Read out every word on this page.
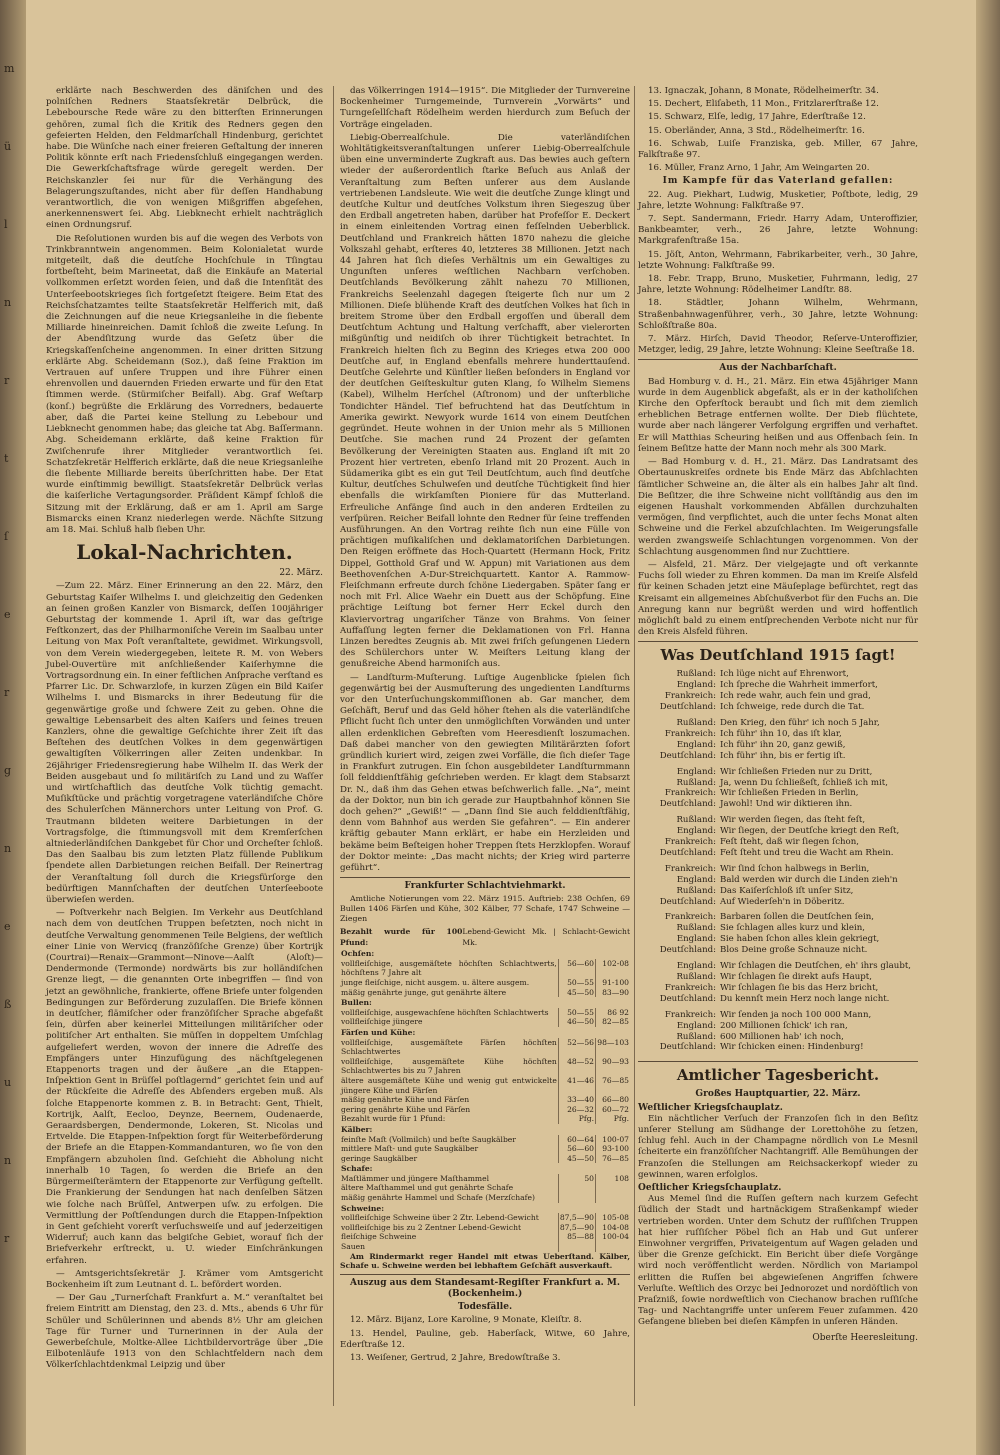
m
ü
l
n
r
t
ſ
e
r
g
n
e
ß
u
n
r

erklärte nach Beschwerden des däniſchen und des polniſchen Redners Staatsſekretär Delbrück, die Lebeboursche Rede wäre zu den bitterſten Erinnerungen gehören, zumal ſich die Kritik des Redners gegen den gefeierten Helden, den Feldmarſchall Hindenburg, gerichtet habe. Die Wünſche nach einer freieren Geſtaltung der inneren Politik könnte erſt nach Friedensſchluß eingegangen werden. Die Gewerkſchaftsfrage würde geregelt werden. Der Reichskanzler ſei nur für die Verhängung des Belagerungszuſtandes, nicht aber für deſſen Handhabung verantwortlich, die von wenigen Mißgriffen abgeſehen, anerkennenswert ſei. Abg. Liebknecht erhielt nachträglich einen Ordnungsruf.

Die Reſolutionen wurden bis auf die wegen des Verbots von Trinkbranntwein angenommen. Beim Kolonialetat wurde mitgeteilt, daß die deutſche Hochſchule in Tſingtau fortbeſteht, beim Marineetat, daß die Einkäufe an Material vollkommen erſetzt worden ſeien, und daß die Intenſität des Unterſeebootskrieges ſich fortgeſetzt ſteigere. Beim Etat des Reichsſchatzamtes teilte Staatsſekretär Helfferich mit, daß die Zeichnungen auf die neue Kriegsanleihe in die ſiebente Milliarde hineinreichen. Damit ſchloß die zweite Leſung. In der Abendſitzung wurde das Geſetz über die Kriegskaſſenſcheine angenommen. In einer dritten Sitzung erklärte Abg. Scheidemann (Soz.), daß ſeine Fraktion im Vertrauen auf unſere Truppen und ihre Führer einen ehrenvollen und dauernden Frieden erwarte und für den Etat ſtimmen werde. (Stürmiſcher Beifall). Abg. Graf Weſtarp (konſ.) begrüßte die Erklärung des Vorredners, bedauerte aber, daß die Partei keine Stellung zu Lebebour und Liebknecht genommen habe; das gleiche tat Abg. Baſſermann. Abg. Scheidemann erklärte, daß keine Fraktion für Zwiſchenrufe ihrer Mitglieder verantwortlich ſei. Schatzſekretär Helfferich erklärte, daß die neue Kriegsanleihe die ſiebente Milliarde bereits überſchritten habe. Der Etat wurde einſtimmig bewilligt. Staatsſekretär Delbrück verlas die kaiſerliche Vertagungsorder. Präſident Kämpf ſchloß die Sitzung mit der Erklärung, daß er am 1. April am Sarge Bismarcks einen Kranz niederlegen werde. Nächſte Sitzung am 18. Mai. Schluß halb ſieben Uhr.

Lokal-Nachrichten.
22. März.

—Zum 22. März. Einer Erinnerung an den 22. März, den Geburtstag Kaiſer Wilhelms I. und gleichzeitig den Gedenken an ſeinen großen Kanzler von Bismarck, deſſen 100jähriger Geburtstag der kommende 1. April iſt, war das geſtrige Feſtkonzert, das der Philharmoniſche Verein im Saalbau unter Leitung von Max Poſt veranſtaltete, gewidmet. Wirkungsvoll, von dem Verein wiedergegeben, leitete R. M. von Webers Jubel-Ouvertüre mit anſchließender Kaiſerhymne die Vortragsordnung ein. In einer feſtlichen Anſprache verſtand es Pfarrer Lic. Dr. Schwarzlofe, in kurzen Zügen ein Bild Kaiſer Wilhelms I. und Bismarcks in ihrer Bedeutung für die gegenwärtige große und ſchwere Zeit zu geben. Ohne die gewaltige Lebensarbeit des alten Kaiſers und ſeines treuen Kanzlers, ohne die gewaltige Geſchichte ihrer Zeit iſt das Beſtehen des deutſchen Volkes in dem gegenwärtigen gewaltigſten Völkerringen aller Zeiten undenkbar. In 26jähriger Friedensregierung habe Wilhelm II. das Werk der Beiden ausgebaut und ſo militäriſch zu Land und zu Waſſer und wirtſchaftlich das deutſche Volk tüchtig gemacht. Muſikſtücke und prächtig vorgetragene vaterländiſche Chöre des Schulerſchen Männerchors unter Leitung von Prof. G. Trautmann bildeten weitere Darbietungen in der Vortragsfolge, die ſtimmungsvoll mit dem Kremſerſchen altniederländiſchen Dankgebet für Chor und Orcheſter ſchloß. Das den Saalbau bis zum letzten Platz füllende Publikum ſpendete allen Darbietungen reichen Beifall. Der Reinertrag der Veranſtaltung ſoll durch die Kriegsfürſorge den bedürftigen Mannſchaften der deutſchen Unterſeeboote überwieſen werden.

— Poſtverkehr nach Belgien. Im Verkehr aus Deutſchland nach dem von deutſchen Truppen beſetzten, noch nicht in deutſche Verwaltung genommenen Teile Belgiens, der weſtlich einer Linie von Wervicq (franzöſiſche Grenze) über Kortrijk (Courtrai)—Renaix—Grammont—Ninove—Aalſt (Aloſt)—Dendermonde (Termonde) nordwärts bis zur holländiſchen Grenze liegt, — die genannten Orte inbegriffen — ſind von jetzt an gewöhnliche, frankierte, offene Briefe unter folgenden Bedingungen zur Beförderung zuzulaſſen. Die Briefe können in deutſcher, flämiſcher oder franzöſiſcher Sprache abgefaßt ſein, dürfen aber keinerlei Mitteilungen militäriſcher oder politiſcher Art enthalten. Sie müſſen in doppeltem Umſchlag aufgeliefert werden, wovon der innere die Adreſſe des Empfängers unter Hinzufügung des nächſtgelegenen Etappenorts tragen und der äußere „an die Etappen-Inſpektion Gent in Brüſſel poſtlagernd“ gerichtet ſein und auf der Rückſeite die Adreſſe des Abſenders ergeben muß. Als ſolche Etappenorte kommen z. B. in Betracht: Gent, Thielt, Kortrijk, Aalſt, Eecloo, Deynze, Beernem, Oudenaerde, Geraardsbergen, Dendermonde, Lokeren, St. Nicolas und Ertvelde. Die Etappen-Inſpektion ſorgt für Weiterbeförderung der Briefe an die Etappen-Kommandanturen, wo ſie von den Empfängern abzuholen ſind. Geſchieht die Abholung nicht innerhalb 10 Tagen, ſo werden die Briefe an den Bürgermeiſterämtern der Etappenorte zur Verfügung geſtellt. Die Frankierung der Sendungen hat nach denſelben Sätzen wie ſolche nach Brüſſel, Antwerpen uſw. zu erfolgen. Die Vermittlung der Poſtſendungen durch die Etappen-Inſpektion in Gent geſchieht vorerſt verſuchsweiſe und auf jederzeitigen Widerruf; auch kann das belgiſche Gebiet, worauf ſich der Briefverkehr erſtreckt, u. U. wieder Einſchränkungen erfahren.

— Amtsgerichtsſekretär J. Krämer vom Amtsgericht Bockenheim iſt zum Leutnant d. L. befördert worden.

— Der Gau „Turnerſchaft Frankfurt a. M.“ veranſtaltet bei freiem Eintritt am Dienstag, den 23. d. Mts., abends 6 Uhr für Schüler und Schülerinnen und abends 8½ Uhr am gleichen Tage für Turner und Turnerinnen in der Aula der Gewerbeſchule, Moltke-Allee Lichtbildervorträge über „Die Eilbotenläufe 1913 von den Schlachtfeldern nach dem Völkerſchlachtdenkmal Leipzig und über

das Völkerringen 1914—1915“. Die Mitglieder der Turnvereine Bockenheimer Turngemeinde, Turnverein „Vorwärts“ und Turngeſellſchaft Rödelheim werden hierdurch zum Beſuch der Vorträge eingeladen.

Liebig-Oberrealſchule. Die vaterländiſchen Wohltätigkeitsveranſtaltungen unſerer Liebig-Oberrealſchule üben eine unverminderte Zugkraft aus. Das bewies auch geſtern wieder der außerordentlich ſtarke Beſuch aus Anlaß der Veranſtaltung zum Beſten unſerer aus dem Auslande vertriebenen Landsleute. Wie weit die deutſche Zunge klingt und deutſche Kultur und deutſches Volkstum ihren Siegeszug über den Erdball angetreten haben, darüber hat Profeſſor E. Deckert in einem einleitenden Vortrag einen feſſelnden Ueberblick. Deutſchland und Frankreich hätten 1870 nahezu die gleiche Volkszahl gehabt, erſteres 40, letzteres 38 Millionen. Jetzt nach 44 Jahren hat ſich dieſes Verhältnis um ein Gewaltiges zu Ungunſten unſeres weſtlichen Nachbarn verſchoben. Deutſchlands Bevölkerung zählt nahezu 70 Millionen, Frankreichs Seelenzahl dagegen ſteigerte ſich nur um 2 Millionen. Dieſe blühende Kraft des deutſchen Volkes hat ſich in breitem Strome über den Erdball ergoſſen und überall dem Deutſchtum Achtung und Haltung verſchafft, aber vielerorten mißgünſtig und neidiſch ob ihrer Tüchtigkeit betrachtet. In Frankreich hielten ſich zu Beginn des Krieges etwa 200 000 Deutſche auf, in England ebenfalls mehrere hunderttauſend. Deutſche Gelehrte und Künſtler ließen beſonders in England vor der deutſchen Geiſteskultur guten Klang, ſo Wilhelm Siemens (Kabel), Wilhelm Herſchel (Aſtronom) und der unſterbliche Tondichter Händel. Tief befruchtend hat das Deutſchtum in Amerika gewirkt. Newyork wurde 1614 von einem Deutſchen gegründet. Heute wohnen in der Union mehr als 5 Millionen Deutſche. Sie machen rund 24 Prozent der geſamten Bevölkerung der Vereinigten Staaten aus. England iſt mit 20 Prozent hier vertreten, ebenſo Irland mit 20 Prozent. Auch in Südamerika gibt es ein gut Teil Deutſchtum, auch ſind deutſche Kultur, deutſches Schulweſen und deutſche Tüchtigkeit ſind hier ebenfalls die wirkſamſten Pioniere für das Mutterland. Erfreuliche Anfänge ſind auch in den anderen Erdteilen zu verſpüren. Reicher Beifall lohnte den Redner für ſeine treffenden Ausführungen. An den Vortrag reihte ſich nun eine Fülle von prächtigen muſikaliſchen und deklamatoriſchen Darbietungen. Den Reigen eröffnete das Hoch-Quartett (Hermann Hock, Fritz Dippel, Gotthold Graf und W. Appun) mit Variationen aus dem Beethovenſchen A-Dur-Streichquartett. Kantor A. Rammow-Fleiſchmann erfreute durch ſchöne Liedergaben. Später ſang er noch mit Frl. Alice Waehr ein Duett aus der Schöpfung. Eine prächtige Leiſtung bot ferner Herr Eckel durch den Klaviervortrag ungariſcher Tänze von Brahms. Von ſeiner Auffaſſung legten ferner die Deklamationen von Frl. Hanna Linzen beredtes Zeugnis ab. Mit zwei friſch geſungenen Liedern des Schülerchors unter W. Meiſters Leitung klang der genußreiche Abend harmoniſch aus.

— Landſturm-Muſterung. Luſtige Augenblicke ſpielen ſich gegenwärtig bei der Ausmuſterung des ungedienten Landſturms vor den Unterſuchungskommiſſionen ab. Gar mancher, dem Geſchäft, Beruf und das Geld höher ſtehen als die vaterländiſche Pflicht ſucht ſich unter den unmöglichſten Vorwänden und unter allen erdenklichen Gebreſten vom Heeresdienſt loszumachen. Daß dabei mancher von den gewiegten Militärärzten ſofort gründlich kuriert wird, zeigen zwei Vorfälle, die ſich dieſer Tage in Frankfurt zutrugen. Ein ſchon ausgebildeter Landſturmmann ſoll felddienſtfähig geſchrieben werden. Er klagt dem Stabsarzt Dr. N., daß ihm das Gehen etwas beſchwerlich falle. „Na“, meint da der Doktor, nun bin ich gerade zur Hauptbahnhof können Sie doch gehen?“ „Gewiß!“ — „Dann ſind Sie auch felddienſtfähig, denn vom Bahnhof aus werden Sie gefahren“. — Ein anderer kräftig gebauter Mann erklärt, er habe ein Herzleiden und bekäme beim Beſteigen hoher Treppen ſtets Herzklopfen. Worauf der Doktor meinte: „Das macht nichts; der Krieg wird parterre geführt“.

Frankfurter Schlachtviehmarkt.

Amtliche Notierungen vom 22. März 1915. Auftrieb: 238 Ochſen, 69 Bullen 1406 Färſen und Kühe, 302 Kälber, 77 Schafe, 1747 Schweine — Ziegen

Bezahlt wurde für 100 Pfund:
Lebend-Gewicht Mk. | Schlacht-Gewicht Mk.
Ochſen:		
vollfleiſchige, ausgemäſtete höchſten Schlachtwerts, höchſtens 7 Jahre alt	56—60	102-08
junge fleiſchige, nicht ausgem. u. ältere ausgem.	50—55	91-100
mäßig genährte junge, gut genährte ältere	45—50	83—90
Bullen:		
vollfleiſchige, ausgewachſene höchſten Schlachtwerts	50—55	86 92
vollfleiſchige jüngere	46—50	82—85
Färſen und Kühe:		
vollfleiſchige, ausgemäſtete Färſen höchſten Schlachtwertes	52—56	98—103
vollfleiſchige, ausgemäſtete Kühe höchſten Schlachtwertes bis zu 7 Jahren	48—52	90—93
ältere ausgemäſtete Kühe und wenig gut entwickelte jüngere Kühe und Färſen	41—46	76—85
mäßig genährte Kühe und Färſen	33—40	66—80
gering genährte Kühe und Färſen	26—32	60—72
Bezahlt wurde für 1 Pfund:	Pfg.	Pfg.
Kälber:		
feinſte Maſt (Vollmilch) und beſte Saugkälber	60—64	100-07
mittlere Maſt- und gute Saugkälber	56—60	93-100
geringe Saugkälber	45—50	76—85
Schafe:		
Maſtlämmer und jüngere Maſthammel	50	108
ältere Maſthammel und gut genährte Schafe		
mäßig genährte Hammel und Schafe (Merzſchafe)		
Schweine:		
vollfleiſchige Schweine über 2 Ztr. Lebend-Gewicht	87,5—90	105-08
vollfleiſchige bis zu 2 Zentner Lebend-Gewicht	87,5—90	104-08
fleiſchige Schweine	85—88	100-04
Sauen		

Am Rindermarkt reger Handel mit etwas Ueberſtand. Kälber, Schafe u. Schweine werden bei lebhaftem Geſchäft ausverkauft.

Auszug aus dem Standesamt-Regiſter Frankfurt a. M. (Bockenheim.)
Todesfälle.

12. März. Bijanz, Lore Karoline, 9 Monate, Kleiſtr. 8.

13. Hendel, Pauline, geb. Haberſack, Witwe, 60 Jahre, Ederſtraße 12.

13. Weiſener, Gertrud, 2 Jahre, Bredowſtraße 3.

13. Ignaczak, Johann, 8 Monate, Rödelheimerſtr. 34.

15. Dechert, Eliſabeth, 11 Mon., Fritzlarerſtraße 12.

15. Schwarz, Elſe, ledig, 17 Jahre, Ederſtraße 12.

15. Oberländer, Anna, 3 Std., Rödelheimerſtr. 16.

16. Schwab, Luiſe Franziska, geb. Miller, 67 Jahre, Falkſtraße 97.

16. Müller, Franz Arno, 1 Jahr, Am Weingarten 20.

Im Kampfe für das Vaterland gefallen:

22. Aug. Piekhart, Ludwig, Musketier, Poſtbote, ledig, 29 Jahre, letzte Wohnung: Falkſtraße 97.

7. Sept. Sandermann, Friedr. Harry Adam, Unteroffizier, Bankbeamter, verh., 26 Jahre, letzte Wohnung: Markgrafenſtraße 15a.

15. Jöſt, Anton, Wehrmann, Fabrikarbeiter, verh., 30 Jahre, letzte Wohnung: Falkſtraße 99.

18. Febr. Trapp, Bruno, Musketier, Fuhrmann, ledig, 27 Jahre, letzte Wohnung: Rödelheimer Landſtr. 88.

18. Städtler, Johann Wilhelm, Wehrmann, Straßenbahnwagenführer, verh., 30 Jahre, letzte Wohnung: Schloßſtraße 80a.

7. März. Hirſch, David Theodor, Reſerve-Unteroffizier, Metzger, ledig, 29 Jahre, letzte Wohnung: Kleine Seeſtraße 18.

Aus der Nachbarſchaft.

Bad Homburg v. d. H., 21. März. Ein etwa 45jähriger Mann wurde in dem Augenblick abgefaßt, als er in der katholiſchen Kirche den Opferſtock beraubt und ſich mit dem ziemlich erheblichen Betrage entfernen wollte. Der Dieb flüchtete, wurde aber nach längerer Verfolgung ergriffen und verhaftet. Er will Matthias Scheuring heißen und aus Offenbach ſein. In ſeinem Beſitze hatte der Mann noch mehr als 300 Mark.

— Bad Homburg v. d. H., 21. März. Das Landratsamt des Obertaunuskreiſes ordnete bis Ende März das Abſchlachten ſämtlicher Schweine an, die älter als ein halbes Jahr alt ſind. Die Beſitzer, die ihre Schweine nicht vollſtändig aus den im eigenen Haushalt vorkommenden Abfällen durchzuhalten vermögen, ſind verpflichtet, auch die unter ſechs Monat alten Schweine und die Ferkel abzuſchlachten. Im Weigerungsfalle werden zwangsweiſe Schlachtungen vorgenommen. Von der Schlachtung ausgenommen ſind nur Zuchttiere.

— Alsfeld, 21. März. Der vielgejagte und oft verkannte Fuchs ſoll wieder zu Ehren kommen. Da man im Kreiſe Alsfeld für keinen Schaden jetzt eine Mäuſeplage befürchtet, regt das Kreisamt ein allgemeines Abſchußverbot für den Fuchs an. Die Anregung kann nur begrüßt werden und wird hoffentlich möglichſt bald zu einem entſprechenden Verbote nicht nur für den Kreis Alsfeld führen.

Was Deutſchland 1915 ſagt!
Rußland: Ich lüge nicht auf Ehrenwort,
England: Ich ſpreche die Wahrheit immerfort,
Frankreich: Ich rede wahr, auch fein und grad,
Deutſchland: Ich ſchweige, rede durch die Tat.
Rußland: Den Krieg, den führ' ich noch 5 Jahr,
Frankreich: Ich führ' ihn 10, das iſt klar,
England: Ich führ' ihn 20, ganz gewiß,
Deutſchland: Ich führ' ihn, bis er fertig iſt.
England: Wir ſchließen Frieden nur zu Dritt,
Rußland: Ja, wenn Du ſchließeſt, ſchließ ich mit,
Frankreich: Wir ſchließen Frieden in Berlin,
Deutſchland: Jawohl! Und wir diktieren ihn.
Rußland: Wir werden ſiegen, das ſteht feſt,
England: Wir ſiegen, der Deutſche kriegt den Reſt,
Frankreich: Feſt ſteht, daß wir ſiegen ſchon,
Deutſchland: Feſt ſteht und treu die Wacht am Rhein.
Frankreich: Wir ſind ſchon halbwegs in Berlin,
England: Bald werden wir durch die Linden zieh'n
Rußland: Das Kaiſerſchloß iſt unſer Sitz,
Deutſchland: Auf Wiederſeh'n in Döberitz.
Frankreich: Barbaren ſollen die Deutſchen ſein,
Rußland: Sie ſchlagen alles kurz und klein,
England: Sie haben ſchon alles klein gekriegt,
Deutſchland: Blos Deine große Schnauze nicht.
England: Wir ſchlagen die Deutſchen, eh' ihrs glaubt,
Rußland: Wir ſchlagen ſie direkt aufs Haupt,
Frankreich: Wir ſchlagen ſie bis das Herz bricht,
Deutſchland: Du kennſt mein Herz noch lange nicht.
Frankreich: Wir ſenden ja noch 100 000 Mann,
England: 200 Millionen ſchick' ich ran,
Rußland: 600 Millionen hab' ich noch,
Deutſchland: Wir ſchicken einen: Hindenburg!
Amtlicher Tagesbericht.
Großes Hauptquartier, 22. März.
Weſtlicher Kriegsſchauplatz.

Ein nächtlicher Verſuch der Franzoſen ſich in den Beſitz unſerer Stellung am Südhange der Lorettohöhe zu ſetzen, ſchlug fehl. Auch in der Champagne nördlich von Le Mesnil ſcheiterte ein franzöſiſcher Nachtangriff. Alle Bemühungen der Franzoſen die Stellungen am Reichsackerkopf wieder zu gewinnen, waren erfolglos.

Oeſtlicher Kriegsſchauplatz.

Aus Memel ſind die Ruſſen geſtern nach kurzem Gefecht ſüdlich der Stadt und hartnäckigem Straßenkampf wieder vertrieben worden. Unter dem Schutz der ruſſiſchen Truppen hat hier ruſſiſcher Pöbel ſich an Hab und Gut unſerer Einwohner vergriffen, Privateigentum auf Wagen geladen und über die Grenze geſchickt. Ein Bericht über dieſe Vorgänge wird noch veröffentlicht werden. Nördlich von Mariampol erlitten die Ruſſen bei abgewieſenen Angriffen ſchwere Verluſte. Weſtlich des Orzyc bei Jednorozet und nordöſtlich von Praſzniß, ſowie nordweſtlich von Ciechanow brachen ruſſiſche Tag- und Nachtangriffe unter unſerem Feuer zuſammen. 420 Gefangene blieben bei dieſen Kämpfen in unſeren Händen.

Oberſte Heeresleitung.
